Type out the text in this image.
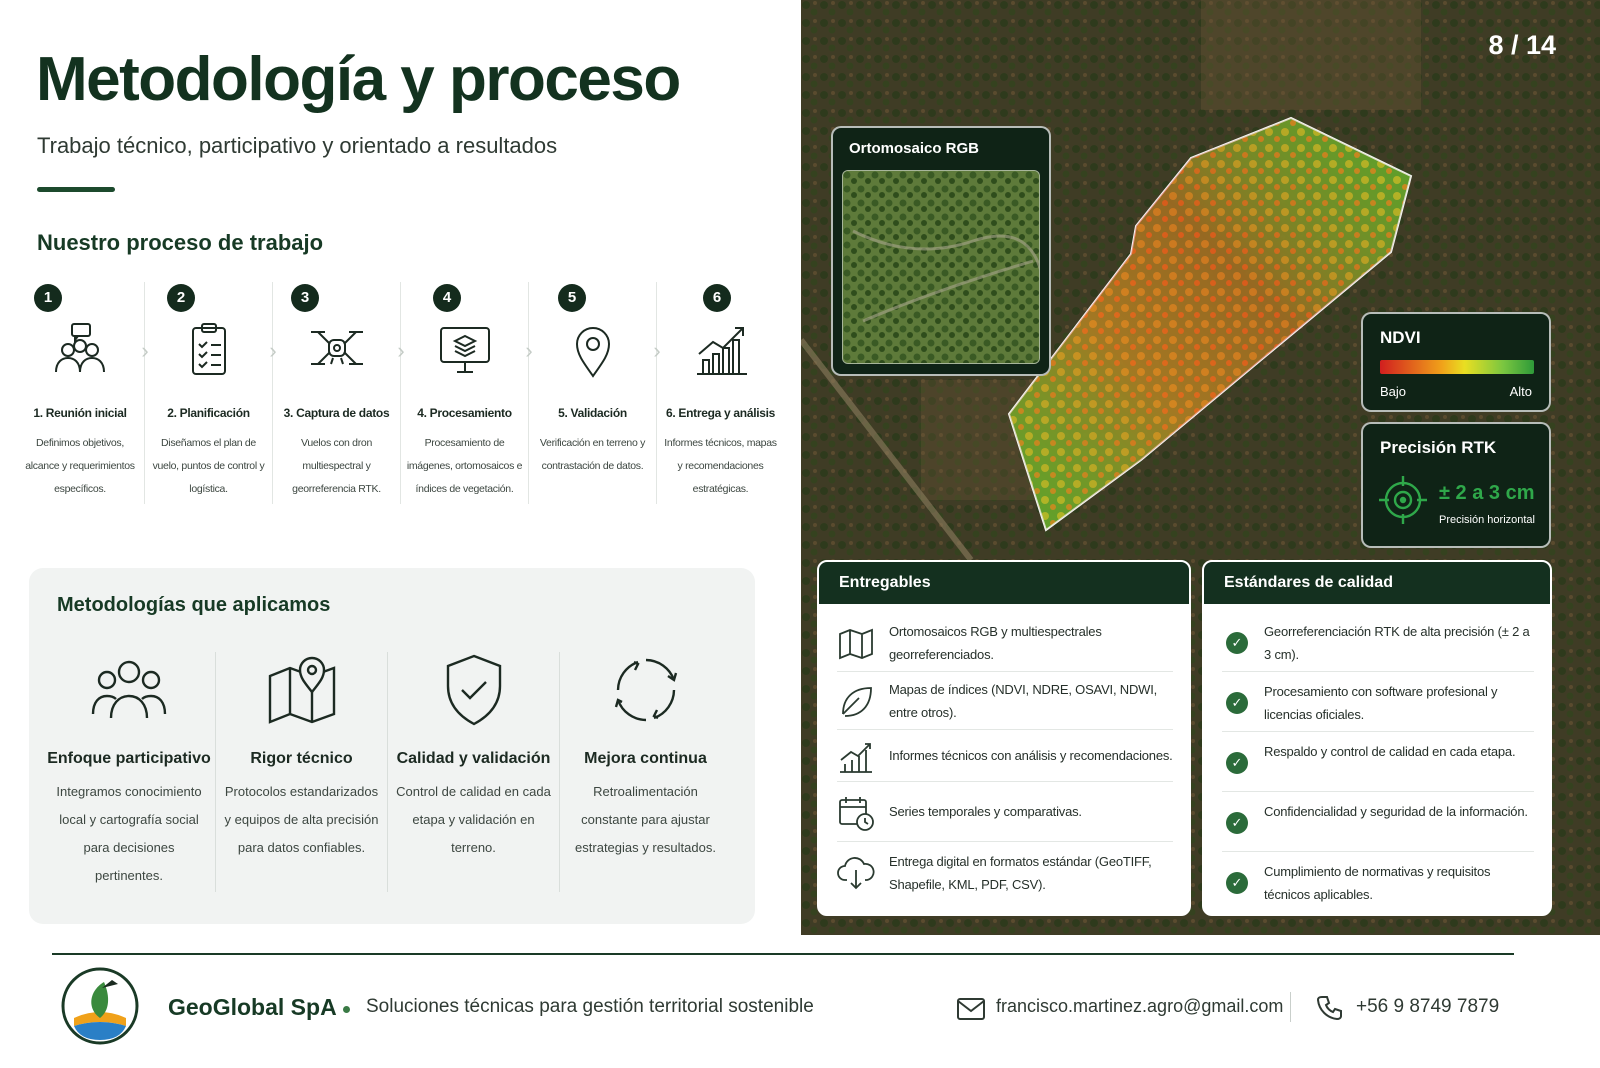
Metodología y proceso
Trabajo técnico, participativo y orientado a resultados
Nuestro proceso de trabajo
1
›
1. Reunión inicial
Definimos objetivos, alcance y requerimientos específicos.
2
›
2. Planificación
Diseñamos el plan de vuelo, puntos de control y logística.
3
›
3. Captura de datos
Vuelos con dron multiespectral y georreferencia RTK.
4
›
4. Procesamiento
Procesamiento de imágenes, ortomosaicos e índices de vegetación.
5
›
5. Validación
Verificación en terreno y contrastación de datos.
6
6. Entrega y análisis
Informes técnicos, mapas y recomendaciones estratégicas.
Metodologías que aplicamos
Enfoque participativo
Integramos conocimiento local y cartografía social para decisiones pertinentes.
Rigor técnico
Protocolos estandarizados y equipos de alta precisión para datos confiables.
Calidad y validación
Control de calidad en cada etapa y validación en terreno.
Mejora continua
Retroalimentación constante para ajustar estrategias y resultados.
8 / 14
Ortomosaico RGB
NDVI
Bajo	Alto
Precisión RTK
± 2 a 3 cm
Precisión horizontal
Entregables
Ortomosaicos RGB y multiespectrales georreferenciados.
Mapas de índices (NDVI, NDRE, OSAVI, NDWI, entre otros).
Informes técnicos con análisis y recomendaciones.
Series temporales y comparativas.
Entrega digital en formatos estándar (GeoTIFF, Shapefile, KML, PDF, CSV).
Estándares de calidad
✓
Georreferenciación RTK de alta precisión (± 2 a 3 cm).
✓
Procesamiento con software profesional y licencias oficiales.
✓
Respaldo y control de calidad en cada etapa.
✓
Confidencialidad y seguridad de la información.
✓
Cumplimiento de normativas y requisitos técnicos aplicables.
GeoGlobal SpA Soluciones técnicas para gestión territorial sostenible	francisco.martinez.agro@gmail.com	+56 9 8749 7879
